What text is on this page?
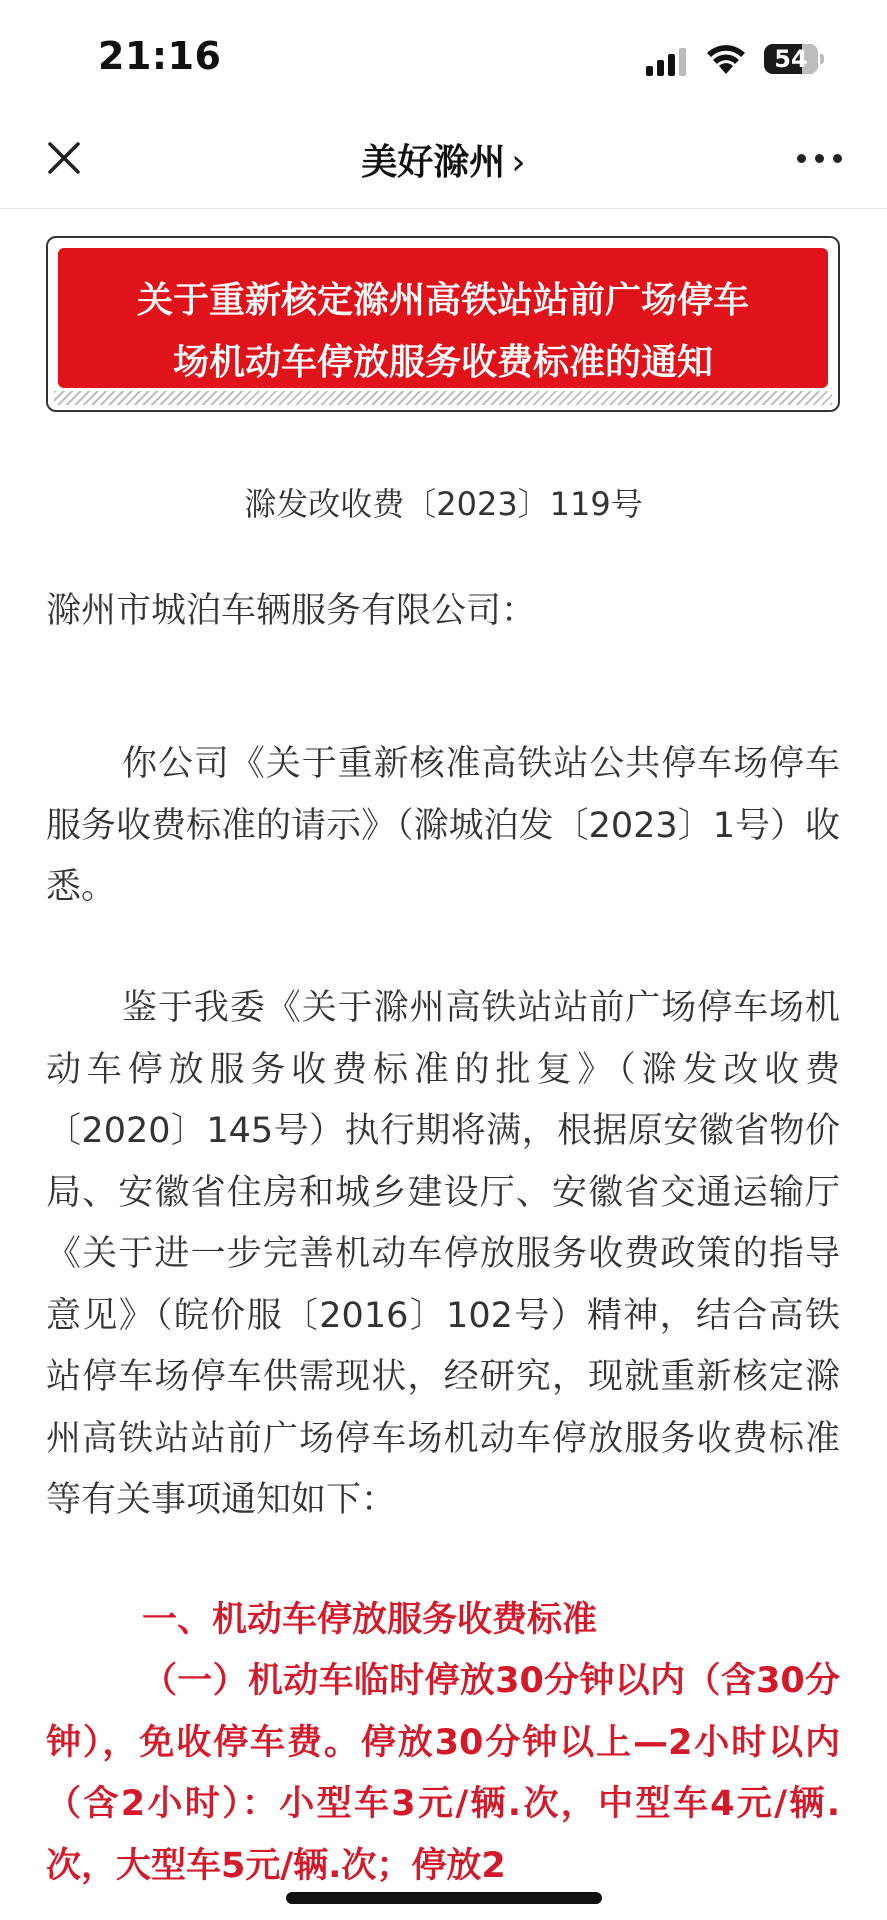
21:16	54
美好滁州 ›
关于重新核定滁州高铁站站前广场停车
场机动车停放服务收费标准的通知
滁发改收费〔2023〕119号
滁州市城泊车辆服务有限公司：
你公司《关于重新核准高铁站公共停车场停车服务收费标准的请示》（滁城泊发〔2023〕1号）收悉。
鉴于我委《关于滁州高铁站站前广场停车场机动车停放服务收费标准的批复》（滁发改收费〔2020〕145号）执行期将满，根据原安徽省物价局、安徽省住房和城乡建设厅、安徽省交通运输厅《关于进一步完善机动车停放服务收费政策的指导意见》（皖价服〔2016〕102号）精神，结合高铁站停车场停车供需现状，经研究，现就重新核定滁州高铁站站前广场停车场机动车停放服务收费标准等有关事项通知如下：
一、机动车停放服务收费标准
（一）机动车临时停放30分钟以内（含30分钟），免收停车费。停放30分钟以上—2小时以内（含2小时）：小型车3元/辆.次，中型车4元/辆.次，大型车5元/辆.次；停放2
